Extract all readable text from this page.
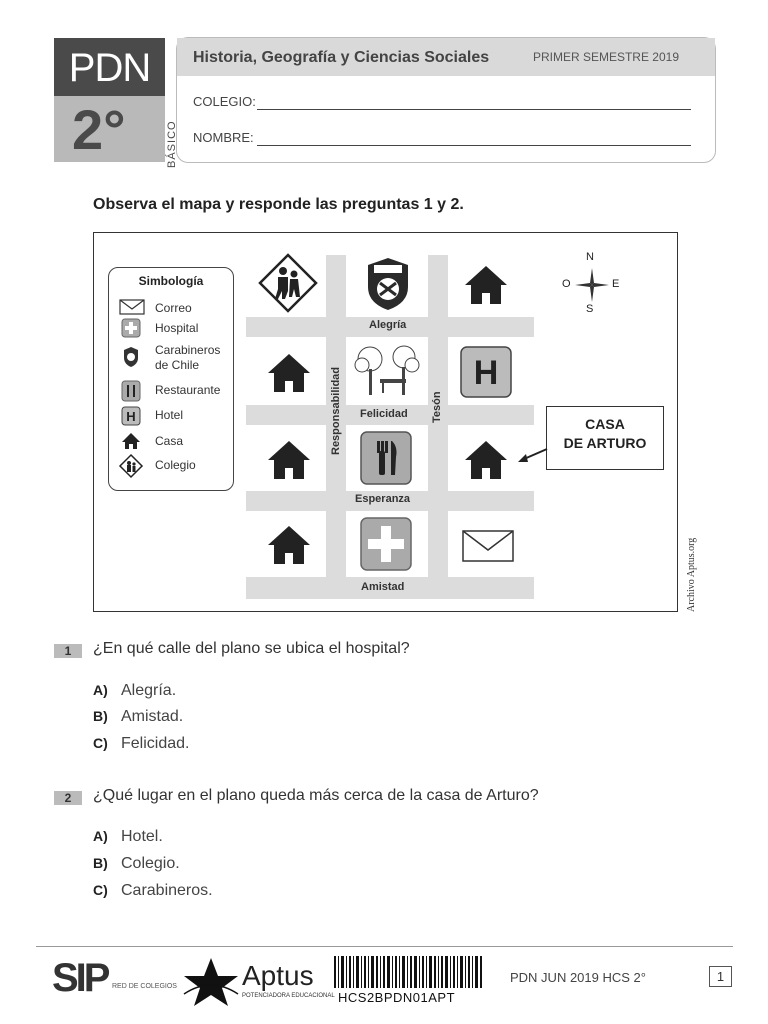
PDN
2°	BÁSICO
Historia, Geografía y Ciencias Sociales	PRIMER SEMESTRE 2019
COLEGIO:
NOMBRE:
Observa el mapa y responde las preguntas 1 y 2.
Alegría
Felicidad
Esperanza
Amistad
Responsabilidad	Tesón
Simbología
Correo
Hospital
Carabineros
de Chile
Restaurante
H Hotel
Casa
Colegio
H
N
S
E
O
CASA
DE ARTURO
Archivo Aptus.org
1	¿En qué calle del plano se ubica el hospital?
A) Alegría.
B) Amistad.
C) Felicidad.
2	¿Qué lugar en el plano queda más cerca de la casa de Arturo?
A) Hotel.
B) Colegio.
C) Carabineros.
SIP RED DE COLEGIOS Aptus
POTENCIADORA EDUCACIONAL HCS2BPDN01APT
PDN JUN 2019 HCS 2°	1
